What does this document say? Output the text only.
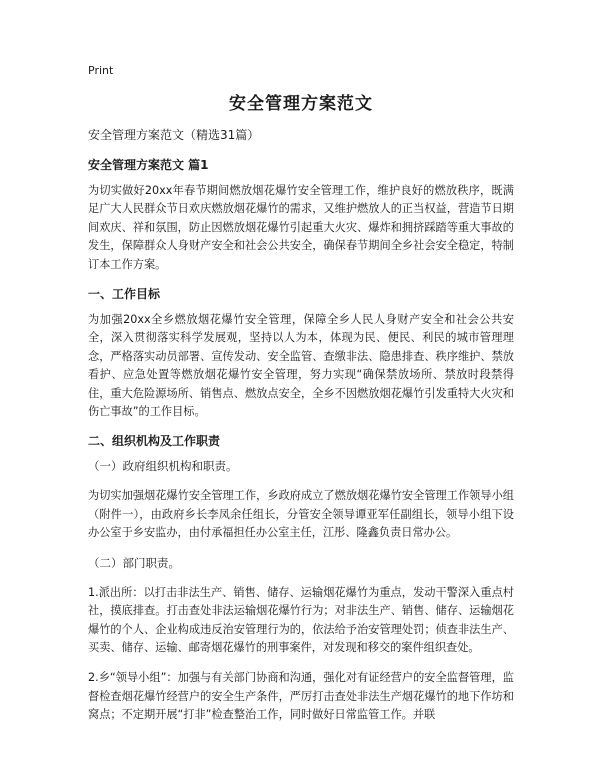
Print

安全管理方案范文

安全管理方案范文（精选31篇）

安全管理方案范文 篇1

为切实做好20xx年春节期间燃放烟花爆竹安全管理工作，维护良好的燃放秩序，既满足广大人民群众节日欢庆燃放烟花爆竹的需求，又维护燃放人的正当权益，营造节日期间欢庆、祥和氛围，防止因燃放烟花爆竹引起重大火灾、爆炸和拥挤踩踏等重大事故的发生，保障群众人身财产安全和社会公共安全，确保春节期间全乡社会安全稳定，特制订本工作方案。

一、工作目标

为加强20xx全乡燃放烟花爆竹安全管理，保障全乡人民人身财产安全和社会公共安全，深入贯彻落实科学发展观，坚持以人为本，体现为民、便民、利民的城市管理理念，严格落实动员部署、宣传发动、安全监管、查缴非法、隐患排查、秩序维护、禁放看护、应急处置等燃放烟花爆竹安全管理，努力实现“确保禁放场所、禁放时段禁得住，重大危险源场所、销售点、燃放点安全，全乡不因燃放烟花爆竹引发重特大火灾和伤亡事故”的工作目标。

二、组织机构及工作职责

（一）政府组织机构和职责。

为切实加强烟花爆竹安全管理工作，乡政府成立了燃放烟花爆竹安全管理工作领导小组（附件一），由政府乡长李凤余任组长，分管安全领导谭亚军任副组长，领导小组下设办公室于乡安监办，由付承福担任办公室主任，江彤、隆鑫负责日常办公。

（二）部门职责。

1.派出所：以打击非法生产、销售、储存、运输烟花爆竹为重点，发动干警深入重点村社，摸底排查。打击查处非法运输烟花爆竹行为；对非法生产、销售、储存、运输烟花爆竹的个人、企业构成违反治安管理行为的，依法给予治安管理处罚；侦查非法生产、买卖、储存、运输、邮寄烟花爆竹的刑事案件，对发现和移交的案件组织查处。

2.乡“领导小组”：加强与有关部门协商和沟通，强化对有证经营户的安全监督管理，监督检查烟花爆竹经营户的安全生产条件，严厉打击查处非法生产烟花爆竹的地下作坊和窝点；不定期开展“打非”检查整治工作，同时做好日常监管工作。并联
